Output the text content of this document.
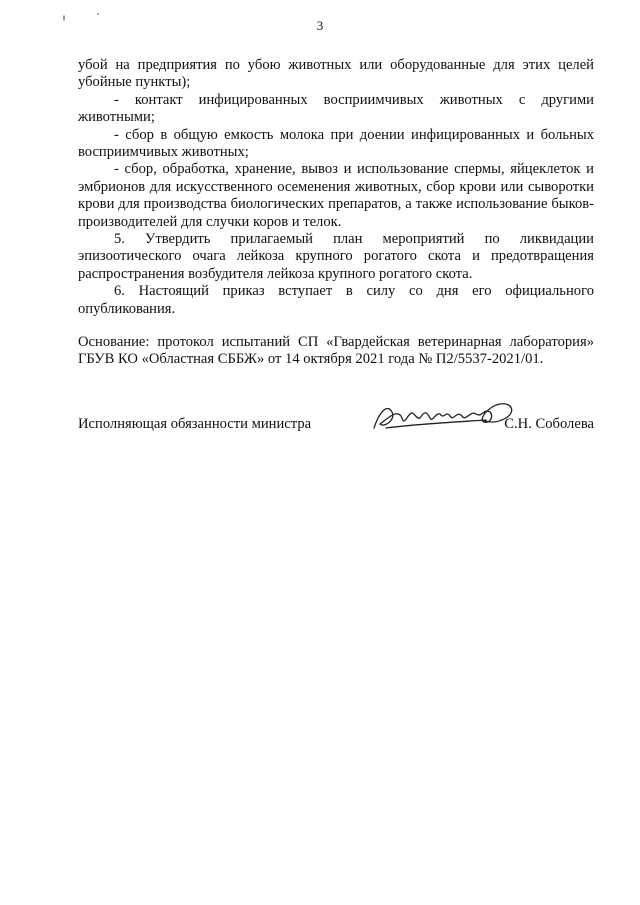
3

убой на предприятия по убою животных или оборудованные для этих целей убойные пункты);

- контакт инфицированных восприимчивых животных с другими животными;

- сбор в общую емкость молока при доении инфицированных и больных восприимчивых животных;

- сбор, обработка, хранение, вывоз и использование спермы, яйцеклеток и эмбрионов для искусственного осеменения животных, сбор крови или сыворотки крови для производства биологических препаратов, а также использование быков-производителей для случки коров и телок.

5. Утвердить прилагаемый план мероприятий по ликвидации эпизоотического очага лейкоза крупного рогатого скота и предотвращения распространения возбудителя лейкоза крупного рогатого скота.

6. Настоящий приказ вступает в силу со дня его официального опубликования.

Основание: протокол испытаний СП «Гвардейская ветеринарная лаборатория» ГБУВ КО «Областная СББЖ» от 14 октября 2021 года № П2/5537-2021/01.

Исполняющая обязанности министра	С.Н. Соболева
